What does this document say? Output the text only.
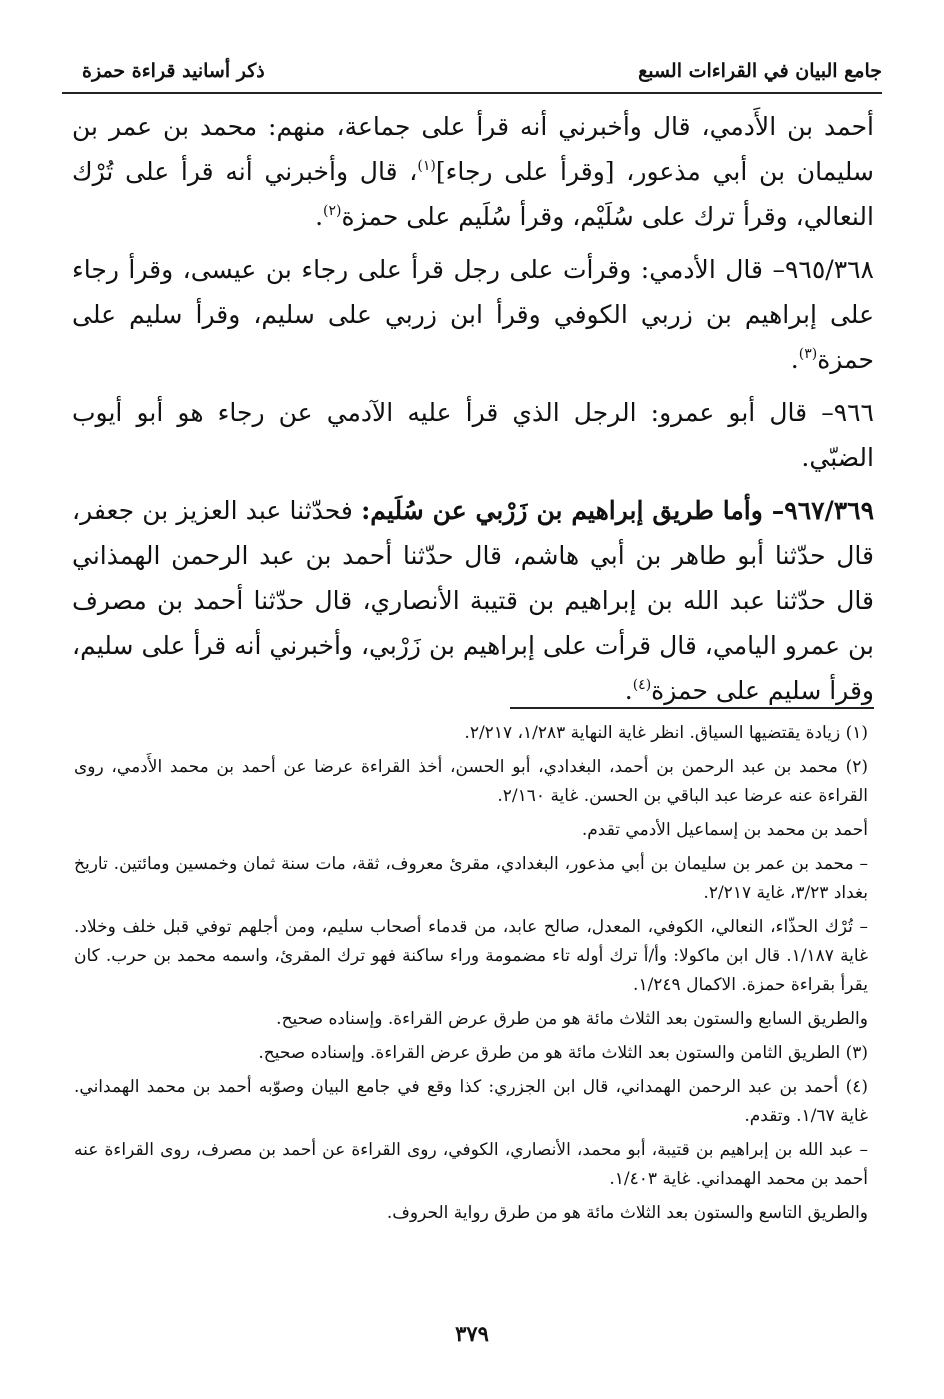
جامع البيان في القراءات السبع
ذكر أسانيد قراءة حمزة

أحمد بن الأَدمي، قال وأخبرني أنه قرأ على جماعة، منهم: محمد بن عمر بن سليمان بن أبي مذعور، [وقرأ على رجاء]$^{(١)}$، قال وأخبرني أنه قرأ على تُرْك النعالي، وقرأ ترك على سُلَيْم، وقرأ سُلَيم على حمزة$^{(٢)}$.

٩٦٥/٣٦٨– قال الأدمي: وقرأت على رجل قرأ على رجاء بن عيسى، وقرأ رجاء على إبراهيم بن زربي الكوفي وقرأ ابن زربي على سليم، وقرأ سليم على حمزة$^{(٣)}$.

٩٦٦– قال أبو عمرو: الرجل الذي قرأ عليه الآدمي عن رجاء هو أبو أيوب الضبّي.

٩٦٧/٣٦٩– وأما طريق إبراهيم بن زَرْبي عن سُلَيم: فحدّثنا عبد العزيز بن جعفر، قال حدّثنا أبو طاهر بن أبي هاشم، قال حدّثنا أحمد بن عبد الرحمن الهمذاني قال حدّثنا عبد الله بن إبراهيم بن قتيبة الأنصاري، قال حدّثنا أحمد بن مصرف بن عمرو اليامي، قال قرأت على إبراهيم بن زَرْبي، وأخبرني أنه قرأ على سليم، وقرأ سليم على حمزة$^{(٤)}$.

(١) زيادة يقتضيها السياق. انظر غاية النهاية ١/٢٨٣، ٢/٢١٧.

(٢) محمد بن عبد الرحمن بن أحمد، البغدادي، أبو الحسن، أخذ القراءة عرضا عن أحمد بن محمد الأَدمي، روى القراءة عنه عرضا عبد الباقي بن الحسن. غاية ٢/١٦٠.

أحمد بن محمد بن إسماعيل الأدمي تقدم.

– محمد بن عمر بن سليمان بن أبي مذعور، البغدادي، مقرئ معروف، ثقة، مات سنة ثمان وخمسين ومائتين. تاريخ بغداد ٣/٢٣، غاية ٢/٢١٧.

– تُرْك الحذّاء، النعالي، الكوفي، المعدل، صالح عابد، من قدماء أصحاب سليم، ومن أجلهم توفي قبل خلف وخلاد. غاية ١/١٨٧. قال ابن ماكولا: وأ/أ ترك أوله تاء مضمومة وراء ساكنة فهو ترك المقرئ، واسمه محمد بن حرب. كان يقرأ بقراءة حمزة. الاكمال ١/٢٤٩.

والطريق السابع والستون بعد الثلاث مائة هو من طرق عرض القراءة. وإسناده صحيح.

(٣) الطريق الثامن والستون بعد الثلاث مائة هو من طرق عرض القراءة. وإسناده صحيح.

(٤) أحمد بن عبد الرحمن الهمداني، قال ابن الجزري: كذا وقع في جامع البيان وصوّبه أحمد بن محمد الهمداني. غاية ١/٦٧. وتقدم.

– عبد الله بن إبراهيم بن قتيبة، أبو محمد، الأنصاري، الكوفي، روى القراءة عن أحمد بن مصرف، روى القراءة عنه أحمد بن محمد الهمداني. غاية ١/٤٠٣.

والطريق التاسع والستون بعد الثلاث مائة هو من طرق رواية الحروف.

٣٧٩
